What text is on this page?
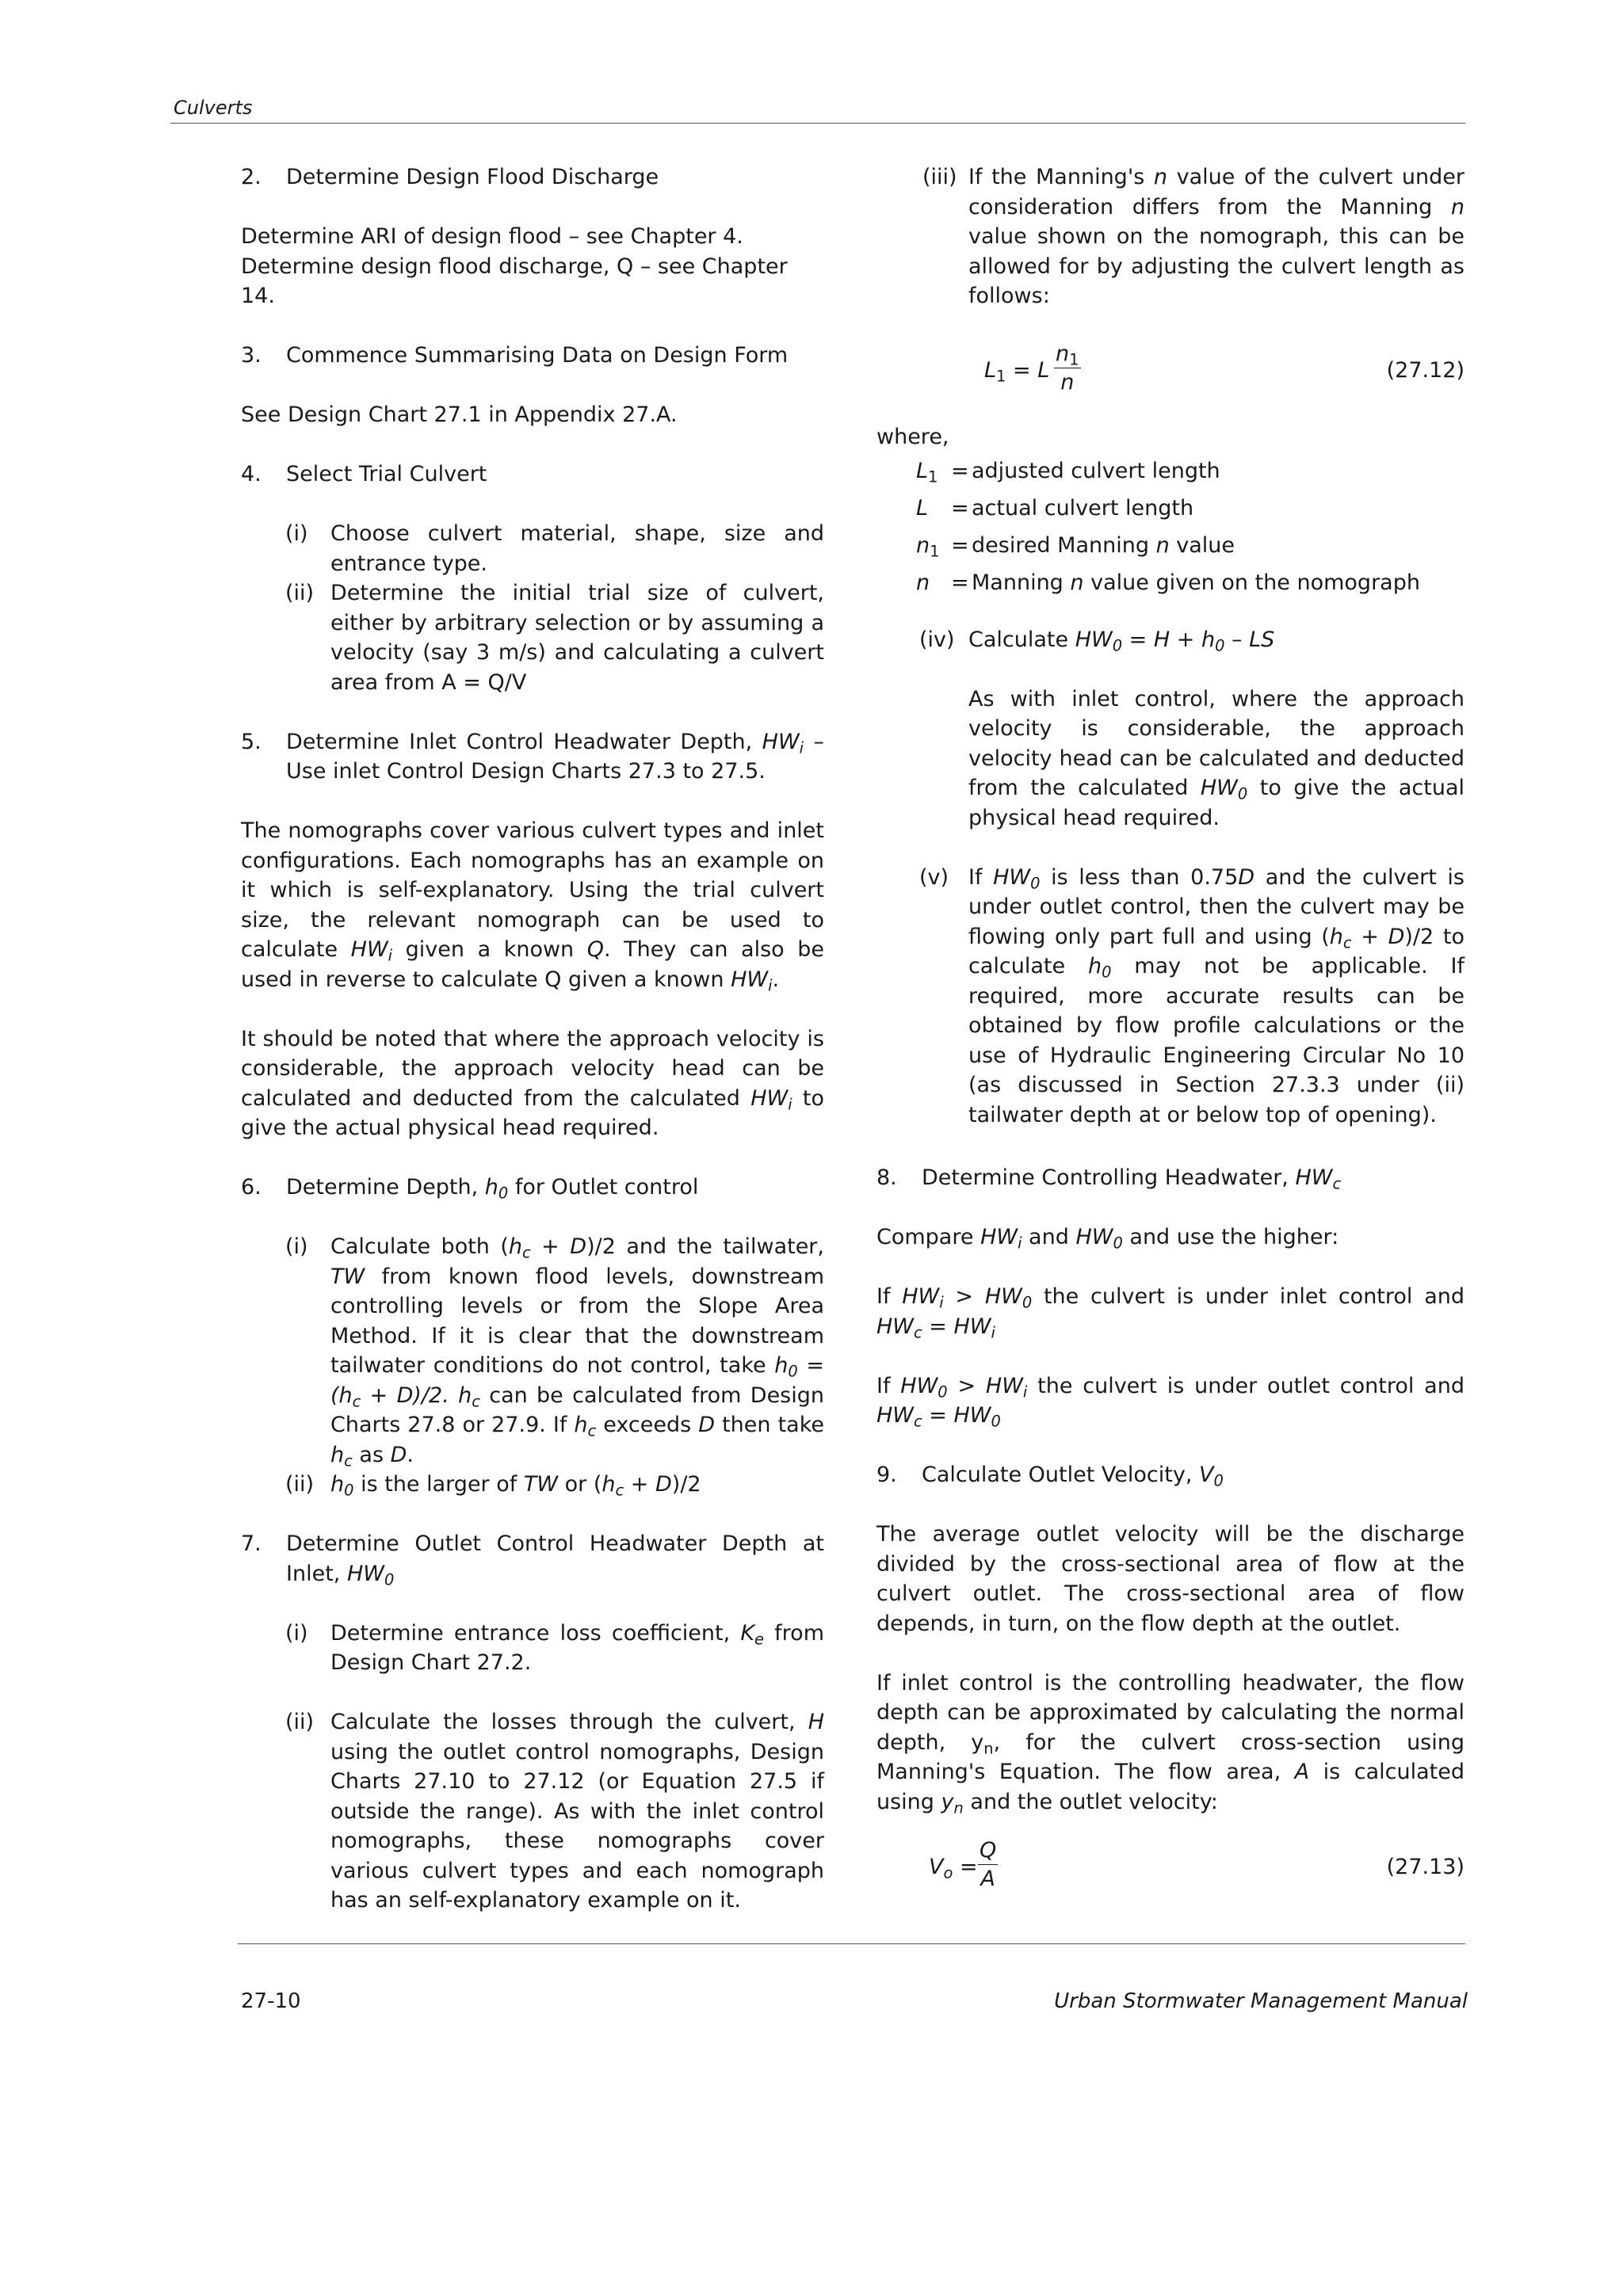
Culverts
2. Determine Design Flood Discharge
Determine ARI of design flood – see Chapter 4.
Determine design flood discharge, Q – see Chapter 14.
3. Commence Summarising Data on Design Form
See Design Chart 27.1 in Appendix 27.A.
4. Select Trial Culvert
(i) Choose culvert material, shape, size and entrance type.
(ii) Determine the initial trial size of culvert, either by arbitrary selection or by assuming a velocity (say 3 m/s) and calculating a culvert area from A = Q/V
5. Determine Inlet Control Headwater Depth, $HW_i$ – Use inlet Control Design Charts 27.3 to 27.5.
The nomographs cover various culvert types and inlet configurations. Each nomographs has an example on it which is self-explanatory. Using the trial culvert size, the relevant nomograph can be used to calculate $HW_i$ given a known Q. They can also be used in reverse to calculate Q given a known $HW_i$.
It should be noted that where the approach velocity is considerable, the approach velocity head can be calculated and deducted from the calculated $HW_i$ to give the actual physical head required.
6. Determine Depth, $h_0$ for Outlet control
(i) Calculate both $(h_c + D)/2$ and the tailwater, TW from known flood levels, downstream controlling levels or from the Slope Area Method. If it is clear that the downstream tailwater conditions do not control, take $h_0 = (h_c + D)/2$. $h_c$ can be calculated from Design Charts 27.8 or 27.9. If $h_c$ exceeds D then take $h_c$ as D.
(ii) $h_0$ is the larger of TW or $(h_c + D)/2$
7. Determine Outlet Control Headwater Depth at Inlet, $HW_0$
(i) Determine entrance loss coefficient, $K_e$ from Design Chart 27.2.
(ii) Calculate the losses through the culvert, H using the outlet control nomographs, Design Charts 27.10 to 27.12 (or Equation 27.5 if outside the range). As with the inlet control nomographs, these nomographs cover various culvert types and each nomograph has an self-explanatory example on it.
(iii) If the Manning's n value of the culvert under consideration differs from the Manning n value shown on the nomograph, this can be allowed for by adjusting the culvert length as follows:
$L_1 = L \frac{n_1}{n}$	(27.12)
where,
$L_1$ = adjusted culvert length
L	= actual culvert length
$n_1$ = desired Manning n value
n = Manning n value given on the nomograph
(iv) Calculate $HW_0 = H + h_0$ – LS
As with inlet control, where the approach velocity is considerable, the approach velocity head can be calculated and deducted from the calculated $HW_0$ to give the actual physical head required.
(v) If $HW_0$ is less than 0.75D and the culvert is under outlet control, then the culvert may be flowing only part full and using $(h_c + D)/2$ to calculate $h_0$ may not be applicable. If required, more accurate results can be obtained by flow profile calculations or the use of Hydraulic Engineering Circular No 10 (as discussed in Section 27.3.3 under (ii) tailwater depth at or below top of opening).
8. Determine Controlling Headwater, $HW_c$
Compare $HW_i$ and $HW_0$ and use the higher:
If $HW_i > HW_0$ the culvert is under inlet control and $HW_c = HW_i$
If $HW_0 > HW_i$ the culvert is under outlet control and $HW_c = HW_0$
9. Calculate Outlet Velocity, $V_0$
The average outlet velocity will be the discharge divided by the cross-sectional area of flow at the culvert outlet. The cross-sectional area of flow depends, in turn, on the flow depth at the outlet.
If inlet control is the controlling headwater, the flow depth can be approximated by calculating the normal depth, $y_n$, for the culvert cross-section using Manning's Equation. The flow area, A is calculated using $y_n$ and the outlet velocity:
$V_o = \frac{Q}{A}$	(27.13)
27-10	Urban Stormwater Management Manual
